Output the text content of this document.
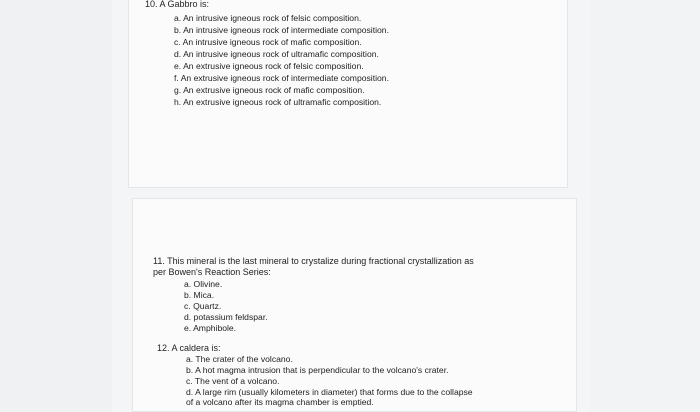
10. A Gabbro is:
a. An intrusive igneous rock of felsic composition.
b. An intrusive igneous rock of intermediate composition.
c. An intrusive igneous rock of mafic composition.
d. An intrusive igneous rock of ultramafic composition.
e. An extrusive igneous rock of felsic composition.
f. An extrusive igneous rock of intermediate composition.
g. An extrusive igneous rock of mafic composition.
h. An extrusive igneous rock of ultramafic composition.
11. This mineral is the last mineral to crystalize during fractional crystallization as
per Bowen's Reaction Series:
a. Olivine.
b. Mica.
c. Quartz.
d. potassium feldspar.
e. Amphibole.
12. A caldera is:
a. The crater of the volcano.
b. A hot magma intrusion that is perpendicular to the volcano's crater.
c. The vent of a volcano.
d. A large rim (usually kilometers in diameter) that forms due to the collapse
of a volcano after its magma chamber is emptied.
